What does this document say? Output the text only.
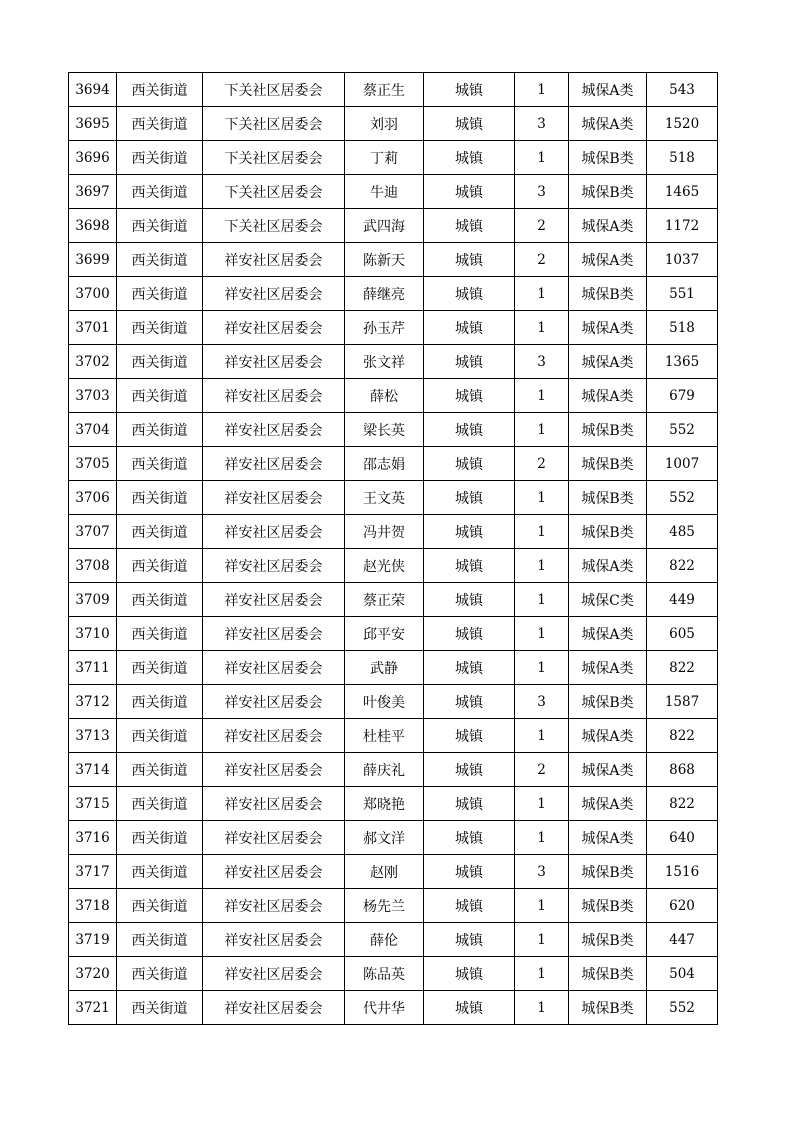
3694	西关街道	下关社区居委会	蔡正生	城镇	1	城保A类	543
3695	西关街道	下关社区居委会	刘羽	城镇	3	城保A类	1520
3696	西关街道	下关社区居委会	丁莉	城镇	1	城保B类	518
3697	西关街道	下关社区居委会	牛迪	城镇	3	城保B类	1465
3698	西关街道	下关社区居委会	武四海	城镇	2	城保A类	1172
3699	西关街道	祥安社区居委会	陈新天	城镇	2	城保A类	1037
3700	西关街道	祥安社区居委会	薛继亮	城镇	1	城保B类	551
3701	西关街道	祥安社区居委会	孙玉芹	城镇	1	城保A类	518
3702	西关街道	祥安社区居委会	张文祥	城镇	3	城保A类	1365
3703	西关街道	祥安社区居委会	薛松	城镇	1	城保A类	679
3704	西关街道	祥安社区居委会	梁长英	城镇	1	城保B类	552
3705	西关街道	祥安社区居委会	邵志娟	城镇	2	城保B类	1007
3706	西关街道	祥安社区居委会	王文英	城镇	1	城保B类	552
3707	西关街道	祥安社区居委会	冯井贺	城镇	1	城保B类	485
3708	西关街道	祥安社区居委会	赵光侠	城镇	1	城保A类	822
3709	西关街道	祥安社区居委会	蔡正荣	城镇	1	城保C类	449
3710	西关街道	祥安社区居委会	邱平安	城镇	1	城保A类	605
3711	西关街道	祥安社区居委会	武静	城镇	1	城保A类	822
3712	西关街道	祥安社区居委会	叶俊美	城镇	3	城保B类	1587
3713	西关街道	祥安社区居委会	杜桂平	城镇	1	城保A类	822
3714	西关街道	祥安社区居委会	薛庆礼	城镇	2	城保A类	868
3715	西关街道	祥安社区居委会	郑晓艳	城镇	1	城保A类	822
3716	西关街道	祥安社区居委会	郝文洋	城镇	1	城保A类	640
3717	西关街道	祥安社区居委会	赵刚	城镇	3	城保B类	1516
3718	西关街道	祥安社区居委会	杨先兰	城镇	1	城保B类	620
3719	西关街道	祥安社区居委会	薛伦	城镇	1	城保B类	447
3720	西关街道	祥安社区居委会	陈品英	城镇	1	城保B类	504
3721	西关街道	祥安社区居委会	代井华	城镇	1	城保B类	552
